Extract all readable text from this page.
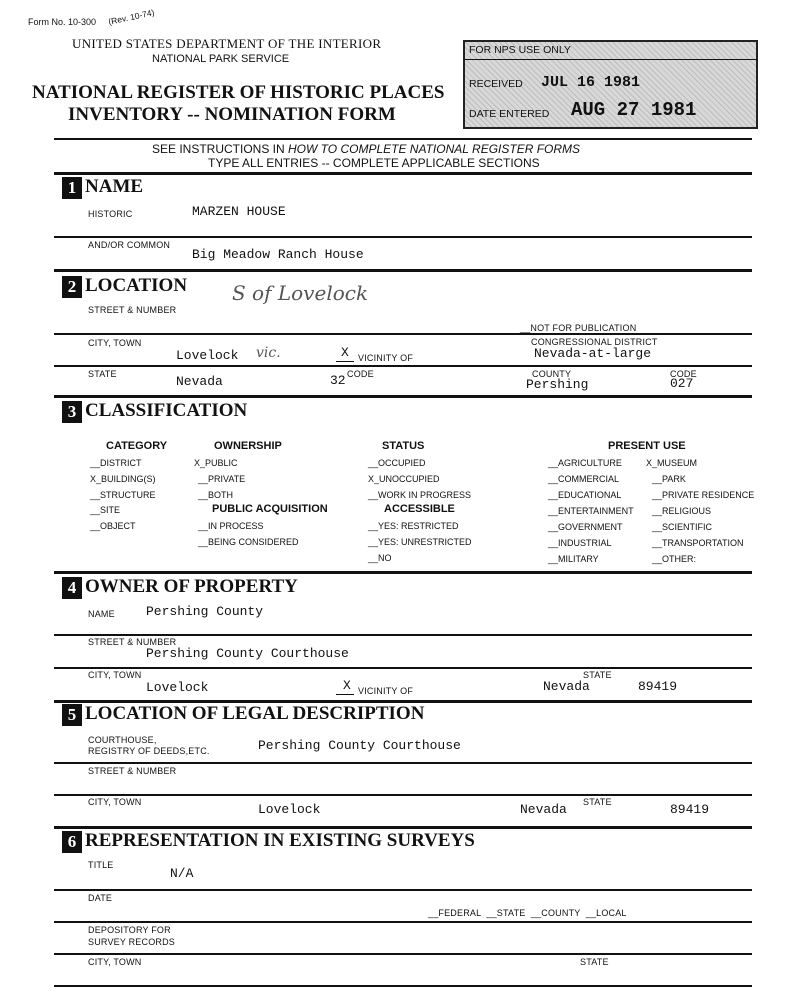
Form No. 10-300 (Rev. 10-74)
UNITED STATES DEPARTMENT OF THE INTERIOR
NATIONAL PARK SERVICE
NATIONAL REGISTER OF HISTORIC PLACES
INVENTORY -- NOMINATION FORM
FOR NPS USE ONLY
RECEIVED JUL 16 1981
DATE ENTERED AUG 27 1981
SEE INSTRUCTIONS IN HOW TO COMPLETE NATIONAL REGISTER FORMS
TYPE ALL ENTRIES -- COMPLETE APPLICABLE SECTIONS
1 NAME
HISTORIC	MARZEN HOUSE
AND/OR COMMON
Big Meadow Ranch House
2 LOCATION
STREET & NUMBER
S of Lovelock
__NOT FOR PUBLICATION
CITY, TOWN
Lovelock vic.	X VICINITY OF
CONGRESSIONAL DISTRICT
Nevada-at-large
STATE	Nevada	32 CODE	COUNTY
Pershing
CODE
027
3 CLASSIFICATION
CATEGORY
__DISTRICT
X_BUILDING(S)
__STRUCTURE
__SITE
__OBJECT
OWNERSHIP
X_PUBLIC
__PRIVATE
__BOTH
PUBLIC ACQUISITION
__IN PROCESS
__BEING CONSIDERED
STATUS
__OCCUPIED
X_UNOCCUPIED
__WORK IN PROGRESS
ACCESSIBLE
__YES: RESTRICTED
__YES: UNRESTRICTED
__NO
PRESENT USE
__AGRICULTURE
__COMMERCIAL
__EDUCATIONAL
__ENTERTAINMENT
__GOVERNMENT
__INDUSTRIAL
__MILITARY
X_MUSEUM
__PARK
__PRIVATE RESIDENCE
__RELIGIOUS
__SCIENTIFIC
__TRANSPORTATION
__OTHER:
4 OWNER OF PROPERTY
NAME Pershing County
STREET & NUMBER
Pershing County Courthouse
CITY, TOWN
Lovelock	X VICINITY OF
STATE
Nevada	89419
5 LOCATION OF LEGAL DESCRIPTION
COURTHOUSE,
REGISTRY OF DEEDS,ETC.	Pershing County Courthouse
STREET & NUMBER
CITY, TOWN	Lovelock	Nevada STATE	89419
6 REPRESENTATION IN EXISTING SURVEYS
TITLE
N/A
DATE
__FEDERAL  __STATE  __COUNTY  __LOCAL
DEPOSITORY FOR
SURVEY RECORDS
CITY, TOWN	STATE
